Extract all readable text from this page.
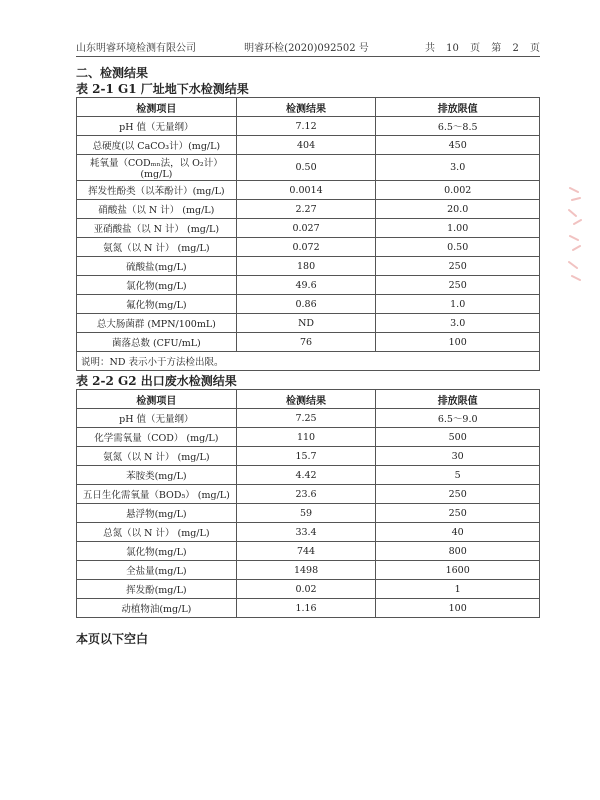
山东明睿环境检测有限公司	明睿环检(2020)092502 号	共 10 页 第 2 页
二、检测结果
表 2-1 G1 厂址地下水检测结果
检测项目	检测结果	排放限值
pH 值（无量纲）	7.12	6.5～8.5
总硬度(以 CaCO₃计）(mg/L)	404	450
耗氧量（CODₘₙ法，以 O₂计）(mg/L)	0.50	3.0
挥发性酚类（以苯酚计）(mg/L)	0.0014	0.002
硝酸盐（以 N 计） (mg/L)	2.27	20.0
亚硝酸盐（以 N 计） (mg/L)	0.027	1.00
氨氮（以 N 计） (mg/L)	0.072	0.50
硫酸盐(mg/L)	180	250
氯化物(mg/L)	49.6	250
氟化物(mg/L)	0.86	1.0
总大肠菌群 (MPN/100mL)	ND	3.0
菌落总数 (CFU/mL)	76	100
说明：ND 表示小于方法检出限。		
表 2-2 G2 出口废水检测结果
检测项目	检测结果	排放限值
pH 值（无量纲）	7.25	6.5～9.0
化学需氧量（COD） (mg/L)	110	500
氨氮（以 N 计） (mg/L)	15.7	30
苯胺类(mg/L)	4.42	5
五日生化需氧量（BOD₅） (mg/L)	23.6	250
悬浮物(mg/L)	59	250
总氮（以 N 计） (mg/L)	33.4	40
氯化物(mg/L)	744	800
全盐量(mg/L)	1498	1600
挥发酚(mg/L)	0.02	1
动植物油(mg/L)	1.16	100
本页以下空白
